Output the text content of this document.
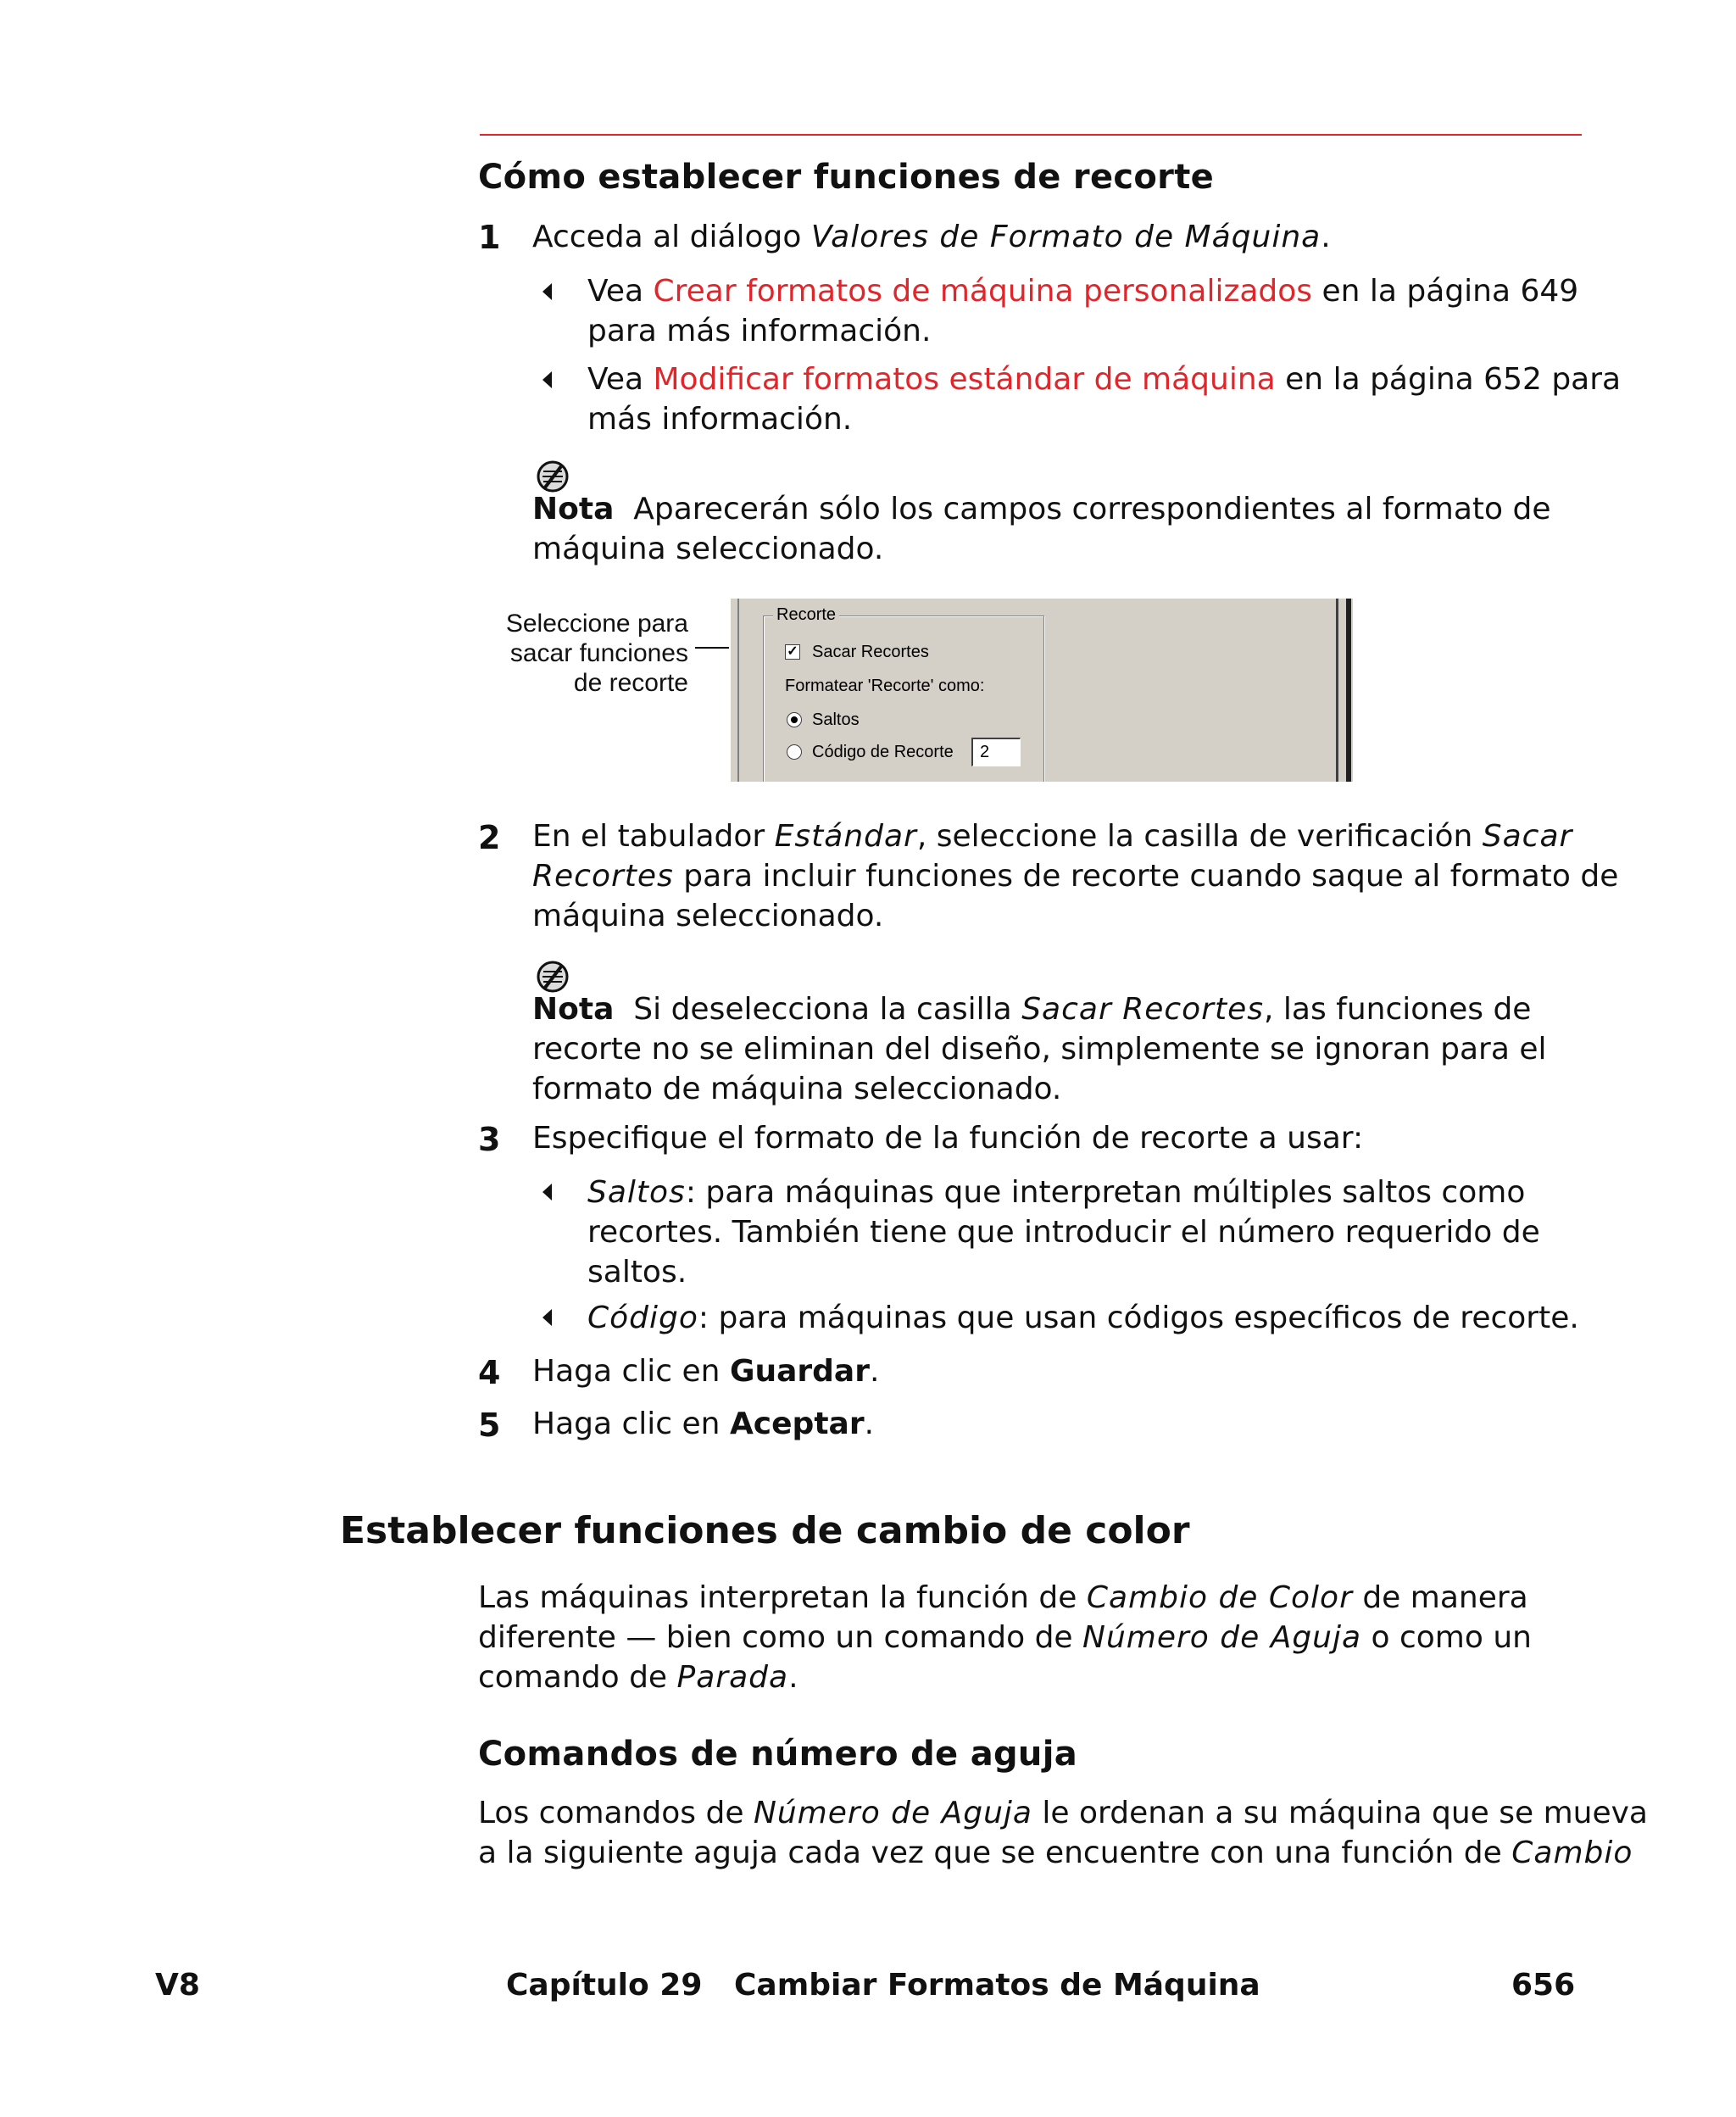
Cómo establecer funciones de recorte
1 Acceda al diálogo Valores de Formato de Máquina.
Vea Crear formatos de máquina personalizados en la página 649
para más información.
Vea Modificar formatos estándar de máquina en la página 652 para
más información.
Nota Aparecerán sólo los campos correspondientes al formato de
máquina seleccionado.
Seleccione para
sacar funciones
de recorte
Recorte
✓ Sacar Recortes
Formatear 'Recorte' como:
Saltos
Código de Recorte	2
2 En el tabulador Estándar, seleccione la casilla de verificación Sacar
Recortes para incluir funciones de recorte cuando saque al formato de
máquina seleccionado.
Nota Si deselecciona la casilla Sacar Recortes, las funciones de
recorte no se eliminan del diseño, simplemente se ignoran para el
formato de máquina seleccionado.
3 Especifique el formato de la función de recorte a usar:
Saltos: para máquinas que interpretan múltiples saltos como
recortes. También tiene que introducir el número requerido de
saltos.
Código: para máquinas que usan códigos específicos de recorte.
4 Haga clic en Guardar.
5 Haga clic en Aceptar.
Establecer funciones de cambio de color
Las máquinas interpretan la función de Cambio de Color de manera
diferente — bien como un comando de Número de Aguja o como un
comando de Parada.
Comandos de número de aguja
Los comandos de Número de Aguja le ordenan a su máquina que se mueva
a la siguiente aguja cada vez que se encuentre con una función de Cambio
V8	Capítulo 29 Cambiar Formatos de Máquina	656
